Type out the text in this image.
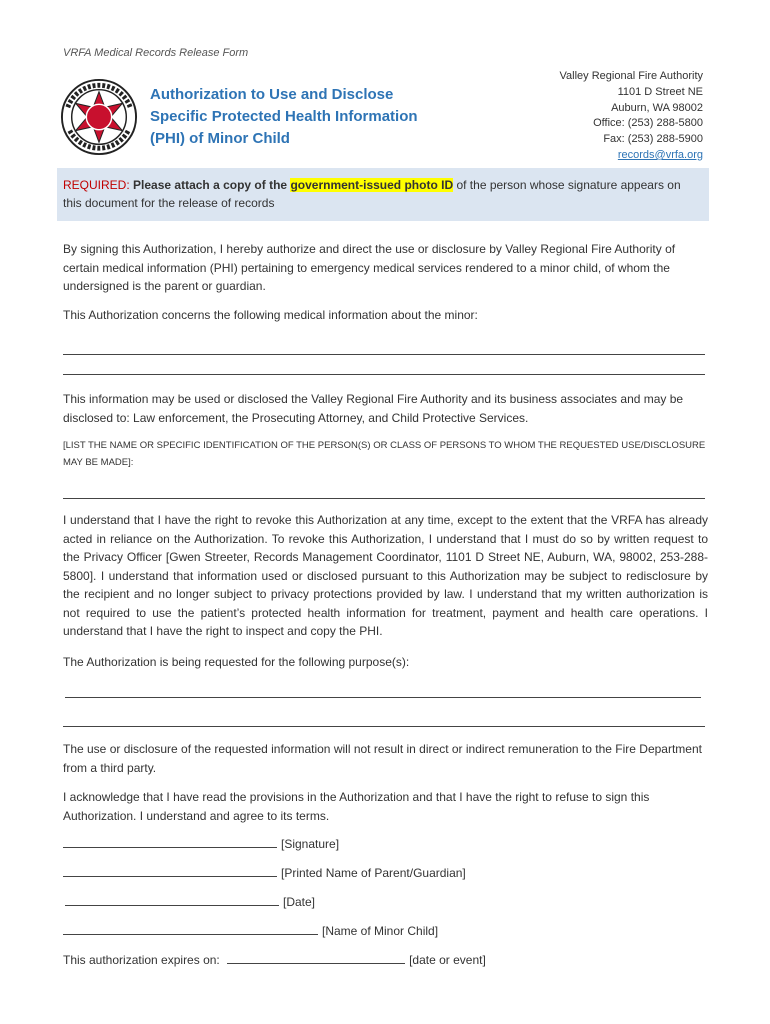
VRFA Medical Records Release Form
Authorization to Use and Disclose
Specific Protected Health Information
(PHI) of Minor Child
Valley Regional Fire Authority
1101 D Street NE
Auburn, WA 98002
Office: (253) 288-5800
Fax: (253) 288-5900
records@vrfa.org
REQUIRED: Please attach a copy of the government-issued photo ID of the person whose signature appears on
this document for the release of records
By signing this Authorization, I hereby authorize and direct the use or disclosure by Valley Regional Fire Authority of certain medical information (PHI) pertaining to emergency medical services rendered to a minor child, of whom the undersigned is the parent or guardian.
This Authorization concerns the following medical information about the minor:
This information may be used or disclosed the Valley Regional Fire Authority and its business associates and may be disclosed to: Law enforcement, the Prosecuting Attorney, and Child Protective Services.
[LIST THE NAME OR SPECIFIC IDENTIFICATION OF THE PERSON(S) OR CLASS OF PERSONS TO WHOM THE REQUESTED USE/DISCLOSURE MAY BE MADE]:
I understand that I have the right to revoke this Authorization at any time, except to the extent that the VRFA has already acted in reliance on the Authorization. To revoke this Authorization, I understand that I must do so by written request to the Privacy Officer [Gwen Streeter, Records Management Coordinator, 1101 D Street NE, Auburn, WA, 98002, 253-288-5800]. I understand that information used or disclosed pursuant to this Authorization may be subject to redisclosure by the recipient and no longer subject to privacy protections provided by law. I understand that my written authorization is not required to use the patient’s protected health information for treatment, payment and health care operations. I understand that I have the right to inspect and copy the PHI.
The Authorization is being requested for the following purpose(s):
The use or disclosure of the requested information will not result in direct or indirect remuneration to the Fire Department from a third party.
I acknowledge that I have read the provisions in the Authorization and that I have the right to refuse to sign this Authorization. I understand and agree to its terms.
[Signature]
[Printed Name of Parent/Guardian]
[Date]
[Name of Minor Child]
This authorization expires on:	[date or event]
